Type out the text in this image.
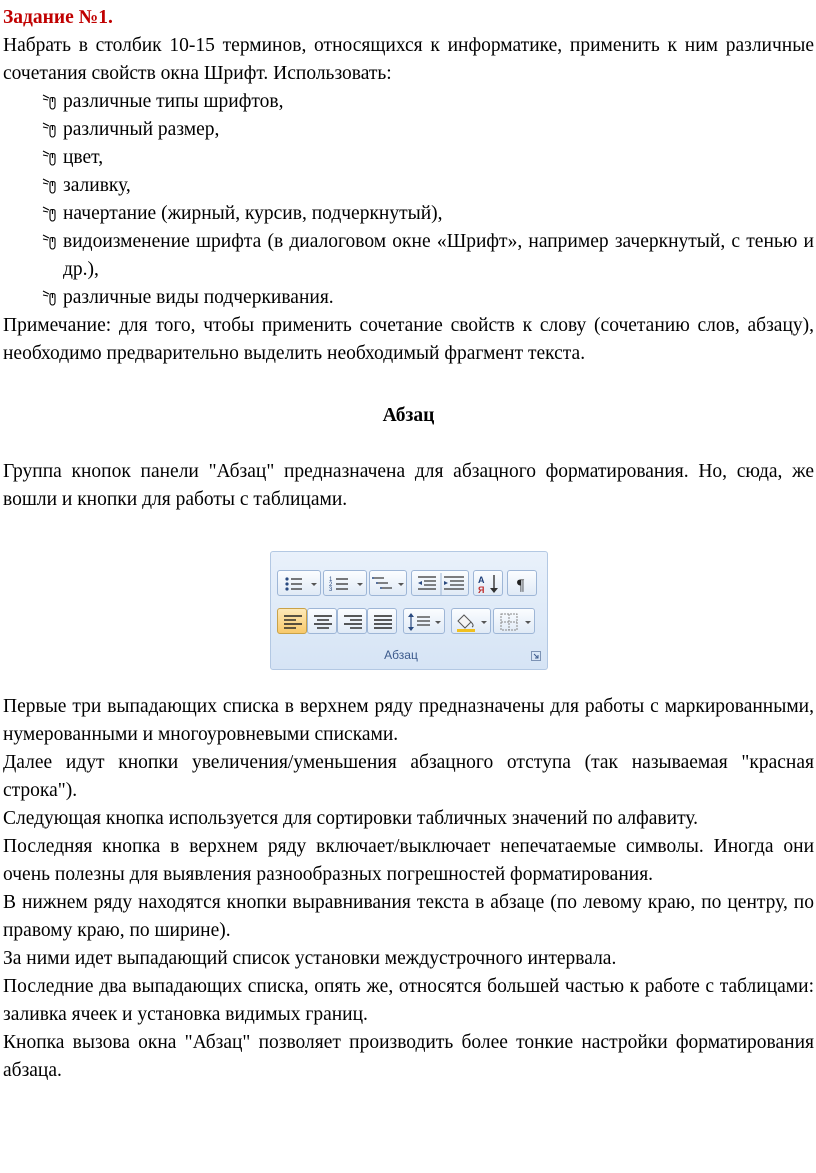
Задание №1.
Набрать в столбик 10-15 терминов, относящихся к информатике, применить к ним различные сочетания свойств окна Шрифт. Использовать:
различные типы шрифтов,
различный размер,
цвет,
заливку,
начертание (жирный, курсив, подчеркнутый),
видоизменение шрифта (в диалоговом окне «Шрифт», например зачеркнутый, с тенью и др.),
различные виды подчеркивания.
Примечание: для того, чтобы применить сочетание свойств к слову (сочетанию слов, абзацу), необходимо предварительно выделить необходимый фрагмент текста.
Абзац
Группа кнопок панели "Абзац" предназначена для абзацного форматирования. Но, сюда, же вошли и кнопки для работы с таблицами.
1
2
3
A
Я ¶
Абзац
Первые три выпадающих списка в верхнем ряду предназначены для работы с маркированными, нумерованными и многоуровневыми списками.
Далее идут кнопки увеличения/уменьшения абзацного отступа (так называемая "красная строка").
Следующая кнопка используется для сортировки табличных значений по алфавиту.
Последняя кнопка в верхнем ряду включает/выключает непечатаемые символы. Иногда они очень полезны для выявления разнообразных погрешностей форматирования.
В нижнем ряду находятся кнопки выравнивания текста в абзаце (по левому краю, по центру, по правому краю, по ширине).
За ними идет выпадающий список установки междустрочного интервала.
Последние два выпадающих списка, опять же, относятся большей частью к работе с таблицами: заливка ячеек и установка видимых границ.
Кнопка вызова окна "Абзац" позволяет производить более тонкие настройки форматирования абзаца.
